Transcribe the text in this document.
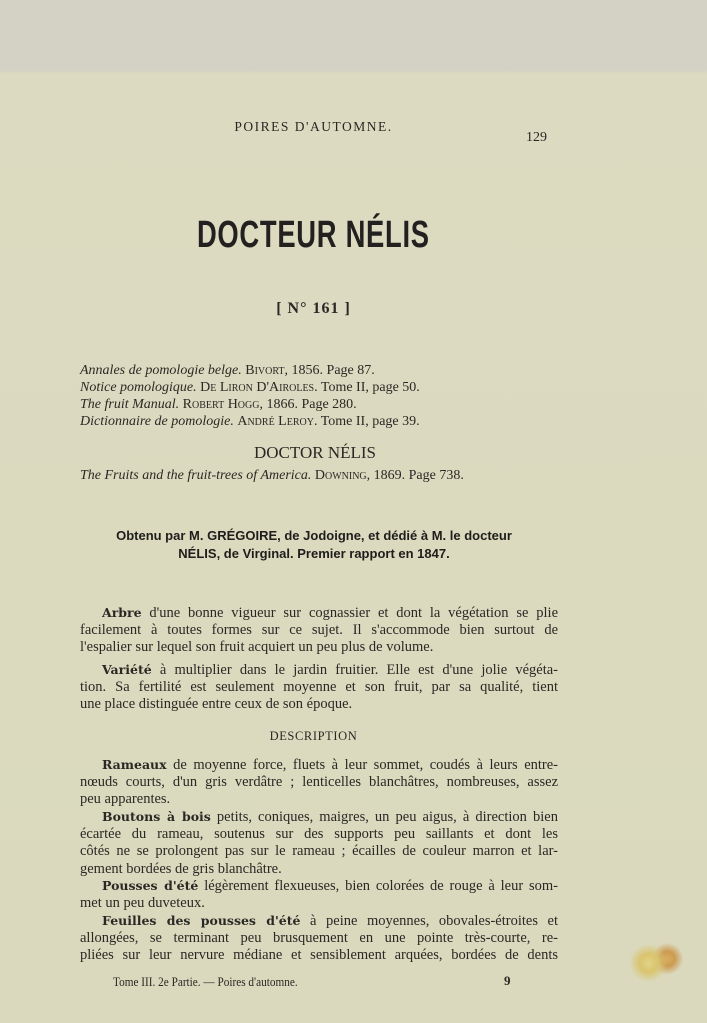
POIRES D'AUTOMNE.
129
DOCTEUR NÉLIS
[ N° 161 ]
Annales de pomologie belge. Bivort, 1856. Page 87.
Notice pomologique. De Liron D'Airoles. Tome II, page 50.
The fruit Manual. Robert Hogg, 1866. Page 280.
Dictionnaire de pomologie. André Leroy. Tome II, page 39.
DOCTOR NÉLIS
The Fruits and the fruit-trees of America. Downing, 1869. Page 738.
Obtenu par M. GRÉGOIRE, de Jodoigne, et dédié à M. le docteur
NÉLIS, de Virginal. Premier rapport en 1847.
Arbre d'une bonne vigueur sur cognassier et dont la végétation se plie
facilement à toutes formes sur ce sujet. Il s'accommode bien surtout de
l'espalier sur lequel son fruit acquiert un peu plus de volume.
Variété à multiplier dans le jardin fruitier. Elle est d'une jolie végéta-
tion. Sa fertilité est seulement moyenne et son fruit, par sa qualité, tient
une place distinguée entre ceux de son époque.
DESCRIPTION
Rameaux de moyenne force, fluets à leur sommet, coudés à leurs entre-
nœuds courts, d'un gris verdâtre ; lenticelles blanchâtres, nombreuses, assez
peu apparentes.
Boutons à bois petits, coniques, maigres, un peu aigus, à direction bien
écartée du rameau, soutenus sur des supports peu saillants et dont les
côtés ne se prolongent pas sur le rameau ; écailles de couleur marron et lar-
gement bordées de gris blanchâtre.
Pousses d'été légèrement flexueuses, bien colorées de rouge à leur som-
met un peu duveteux.
Feuilles des pousses d'été à peine moyennes, obovales-étroites et
allongées, se terminant peu brusquement en une pointe très-courte, re-
pliées sur leur nervure médiane et sensiblement arquées, bordées de dents
Tome III. 2e Partie. — Poires d'automne.	9
